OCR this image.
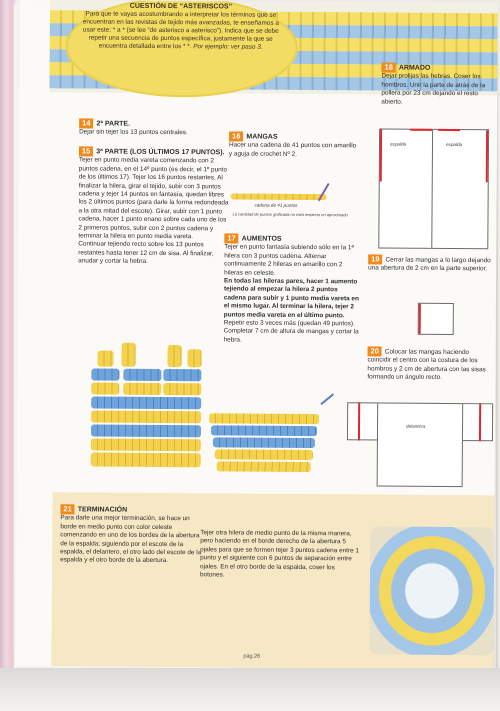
CUESTIÓN DE “ASTERISCOS”
Para que te vayas acostumbrando a interpretar los términos que se encuentran en las revistas de tejido más avanzadas, te enseñamos a usar este: * a * (se lee “de asterisco a asterisco”). Indica que se debe repetir una secuencia de puntos específica, justamente la que se encuentra detallada entre los * *. Por ejemplo: ver paso 3.
18 ARMADO
Dejar prolijas las hebras. Coser los hombros. Unir la parte de atrás de la pollera por 23 cm dejando el resto abierto.
espalda	espalda
19 Cerrar las mangas a lo largo dejando una abertura de 2 cm en la parte superior.
20 Colocar las mangas haciendo coincidir el centro con la costura de los hombros y 2 cm de abertura con las sisas formando un ángulo recto.
delantera
14 2ª PARTE.
Dejar sin tejer los 13 puntos centrales.
15 3ª PARTE (LOS ÚLTIMOS 17 PUNTOS).
Tejer en punto media vareta comenzando con 2 puntos cadena, en el 14º punto (es decir, el 1º punto de los últimos 17). Tejer los 16 puntos restantes. Al finalizar la hilera, girar el tejido, subir con 3 puntos cadena y tejer 14 puntos en fantasía, quedan libres los 2 últimos puntos (para darle la forma redondeada a la otra mitad del escote). Girar, subir con 1 punto cadena, hacer 1 punto enano sobre cada uno de los 2 primeros puntos, subir con 2 puntos cadena y terminar la hilera en punto media vareta.
Continuar tejiendo recto sobre los 13 puntos restantes hasta tener 12 cm de sisa. Al finalizar, anudar y cortar la hebra.
16 MANGAS
Hacer una cadena de 41 puntos con amarillo y aguja de crochet Nº 2.
cadena de 41 puntos
La cantidad de puntos graficada no está respecto en aproximado
17 AUMENTOS
Tejer en punto fantasía subiendo sólo en la 1ª hilera con 3 puntos cadena. Alternar continuamente 2 hileras en amarillo con 2 hileras en celeste.
En todas las hileras pares, hacer 1 aumento tejiendo al empezar la hilera 2 puntos cadena para subir y 1 punto media vareta en el mismo lugar. Al terminar la hilera, tejer 2 puntos media vareta en el último punto.
Repetir esto 3 veces más (quedan 49 puntos). Completar 7 cm de altura de mangas y cortar la hebra.
21 TERMINACIÓN
Para darle una mejor terminación, se hace un borde en medio punto con color celeste comenzando en uno de los bordes de la abertura de la espalda; siguiendo por el escote de la espalda, el delantero, el otro lado del escote de la espalda y el otro borde de la abertura.
Tejer otra hilera de medio punto de la misma manera, pero haciendo en el borde derecho de la abertura 5 ojales para que se formen tejer 3 puntos cadena entre 1 punto y el siguiente con 6 puntos de separación entre ojales. En el otro borde de la espalda, coser los botones.
pág.26
